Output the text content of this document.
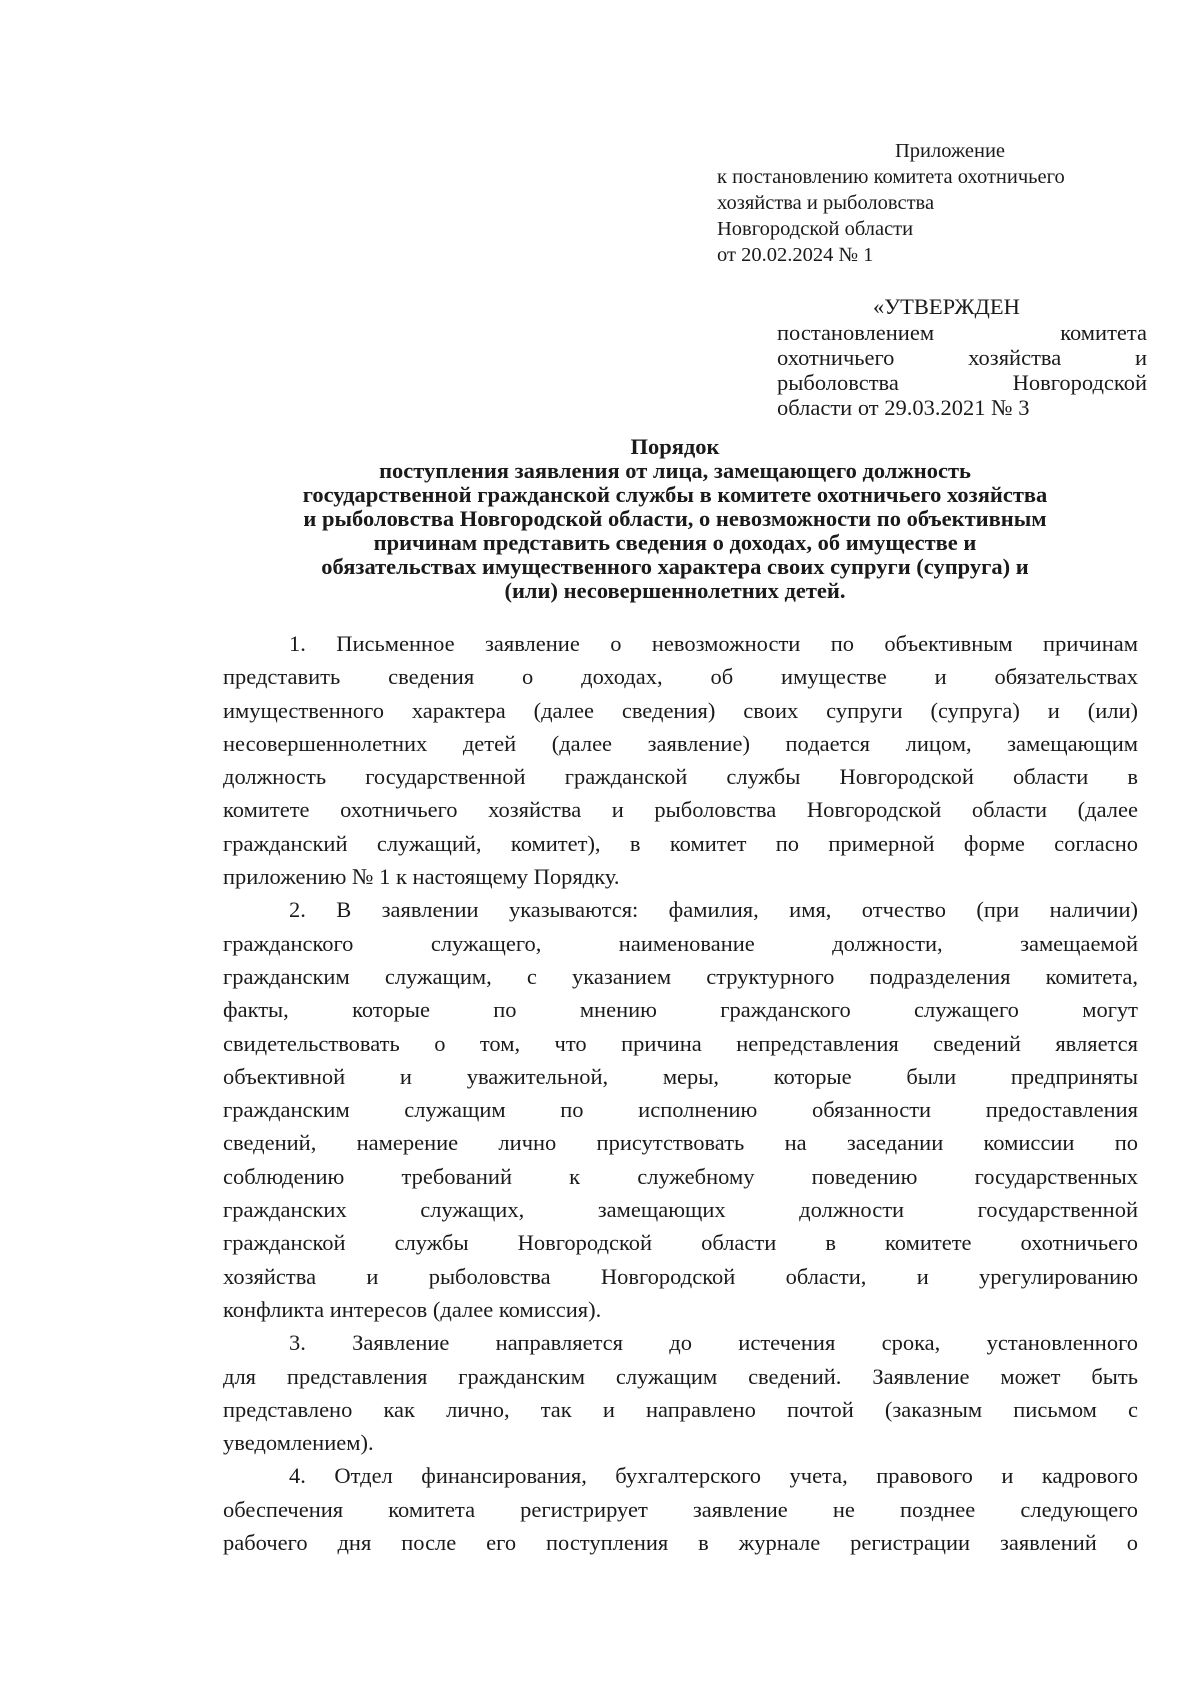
Приложение
к постановлению комитета охотничьего
хозяйства и рыболовства
Новгородской области
от 20.02.2024 № 1
«УТВЕРЖДЕН
постановлением комитета
охотничьего хозяйства и
рыболовства Новгородской
области от 29.03.2021 № 3
Порядок
поступления заявления от лица, замещающего должность
государственной гражданской службы в комитете охотничьего хозяйства
и рыболовства Новгородской области, о невозможности по объективным
причинам представить сведения о доходах, об имуществе и
обязательствах имущественного характера своих супруги (супруга) и
(или) несовершеннолетних детей.
1. Письменное заявление о невозможности по объективным причинам
представить сведения о доходах, об имуществе и обязательствах
имущественного характера (далее сведения) своих супруги (супруга) и (или)
несовершеннолетних детей (далее заявление) подается лицом, замещающим
должность государственной гражданской службы Новгородской области в
комитете охотничьего хозяйства и рыболовства Новгородской области (далее
гражданский служащий, комитет), в комитет по примерной форме согласно
приложению № 1 к настоящему Порядку.
2. В заявлении указываются: фамилия, имя, отчество (при наличии)
гражданского служащего, наименование должности, замещаемой
гражданским служащим, с указанием структурного подразделения комитета,
факты, которые по мнению гражданского служащего могут
свидетельствовать о том, что причина непредставления сведений является
объективной и уважительной, меры, которые были предприняты
гражданским служащим по исполнению обязанности предоставления
сведений, намерение лично присутствовать на заседании комиссии по
соблюдению требований к служебному поведению государственных
гражданских служащих, замещающих должности государственной
гражданской службы Новгородской области в комитете охотничьего
хозяйства и рыболовства Новгородской области, и урегулированию
конфликта интересов (далее комиссия).
3. Заявление направляется до истечения срока, установленного
для представления гражданским служащим сведений. Заявление может быть
представлено как лично, так и направлено почтой (заказным письмом с
уведомлением).
4. Отдел финансирования, бухгалтерского учета, правового и кадрового
обеспечения комитета регистрирует заявление не позднее следующего
рабочего дня после его поступления в журнале регистрации заявлений о
